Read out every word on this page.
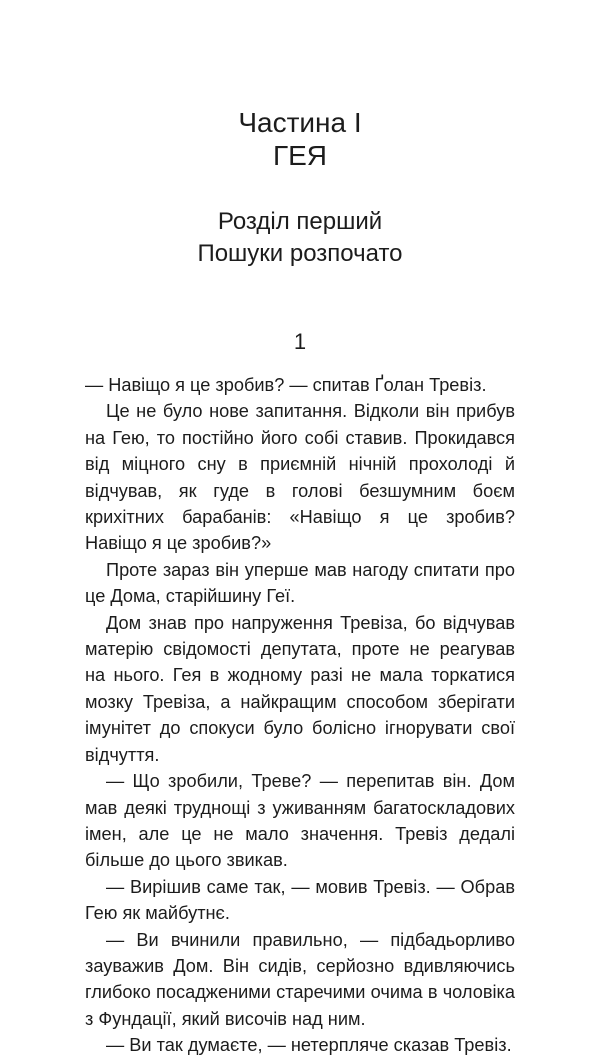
Частина I
ГЕЯ
Розділ перший
Пошуки розпочато
1

— Навіщо я це зробив? — спитав Ґолан Тревіз.

Це не було нове запитання. Відколи він прибув на Гею, то постійно його собі ставив. Прокидався від міцного сну в приємній нічній прохолоді й відчував, як гуде в голові безшумним боєм крихітних барабанів: «Навіщо я це зробив? Навіщо я це зробив?»

Проте зараз він уперше мав нагоду спитати про це Дома, старійшину Геї.

Дом знав про напруження Тревіза, бо відчував матерію свідомості депутата, проте не реагував на нього. Гея в жодному разі не мала торкатися мозку Тревіза, а найкращим способом зберігати імунітет до спокуси було болісно ігнорувати свої відчуття.

— Що зробили, Треве? — перепитав він. Дом мав деякі труднощі з уживанням багатоскладових імен, але це не мало значення. Тревіз дедалі більше до цього звикав.

— Вирішив саме так, — мовив Тревіз. — Обрав Гею як майбутнє.

— Ви вчинили правильно, — підбадьорливо зауважив Дом. Він сидів, серйозно вдивляючись глибоко посадженими старечими очима в чоловіка з Фундації, який височів над ним.

— Ви так думаєте, — нетерпляче сказав Тревіз.
